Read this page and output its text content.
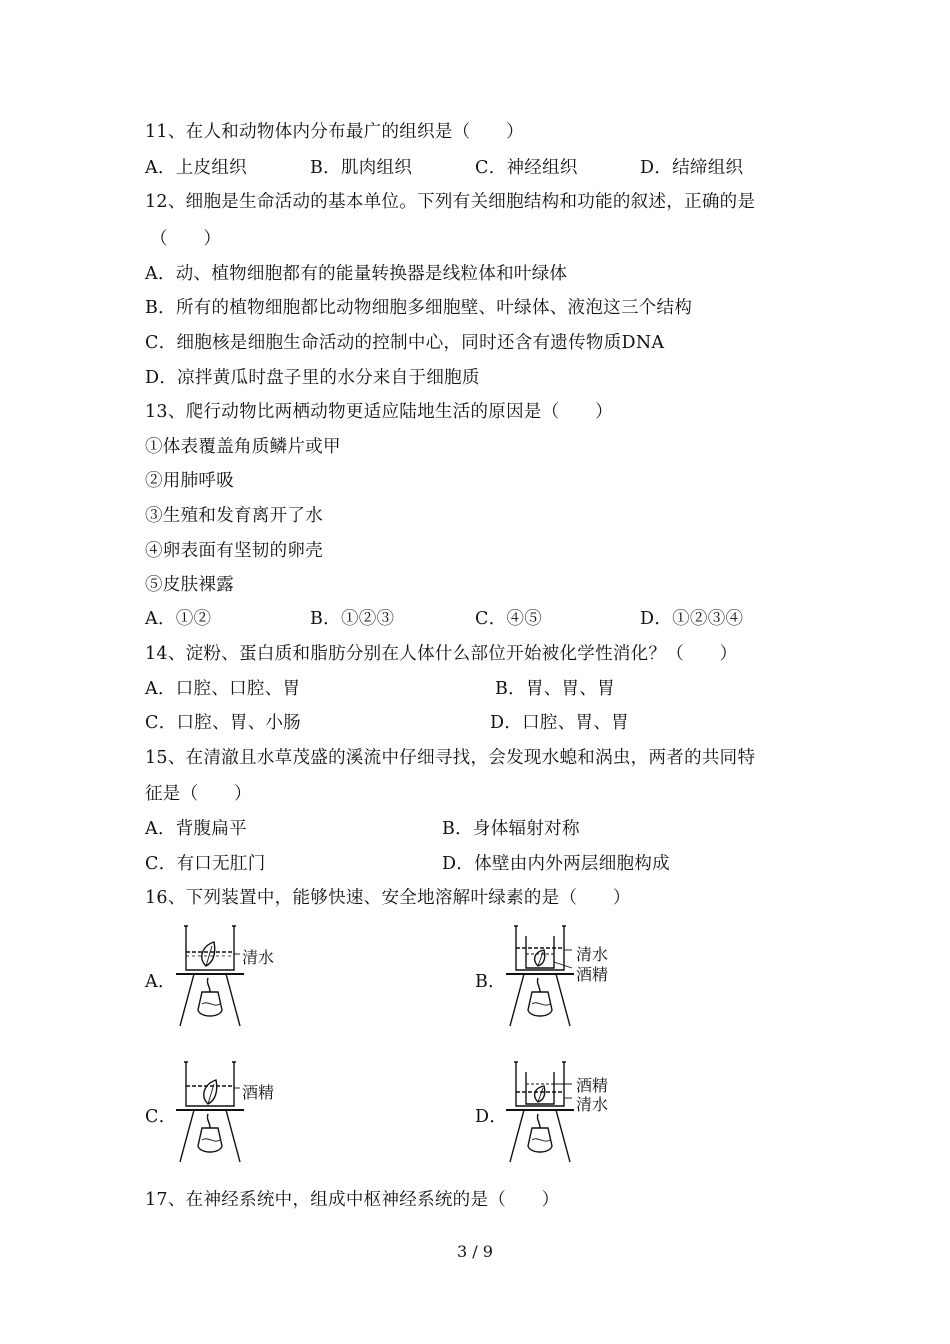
11、在人和动物体内分布最广的组织是（　　）
A．上皮组织	B．肌肉组织	C．神经组织	D．结缔组织
12、细胞是生命活动的基本单位。下列有关细胞结构和功能的叙述，正确的是
（　　）
A．动、植物细胞都有的能量转换器是线粒体和叶绿体
B．所有的植物细胞都比动物细胞多细胞壁、叶绿体、液泡这三个结构
C．细胞核是细胞生命活动的控制中心，同时还含有遗传物质DNA
D．凉拌黄瓜时盘子里的水分来自于细胞质
13、爬行动物比两栖动物更适应陆地生活的原因是（　　）
①体表覆盖角质鳞片或甲
②用肺呼吸
③生殖和发育离开了水
④卵表面有坚韧的卵壳
⑤皮肤裸露
A．①②	B．①②③	C．④⑤	D．①②③④
14、淀粉、蛋白质和脂肪分别在人体什么部位开始被化学性消化？（　　）
A．口腔、口腔、胃	B．胃、胃、胃
C．口腔、胃、小肠	D．口腔、胃、胃
15、在清澈且水草茂盛的溪流中仔细寻找，会发现水螅和涡虫，两者的共同特
征是（　　）
A．背腹扁平	B．身体辐射对称
C．有口无肛门	D．体壁由内外两层细胞构成
16、下列装置中，能够快速、安全地溶解叶绿素的是（　　）
A．	B．
C．	D．
清水	清水
酒精
酒精	酒精
清水
17、在神经系统中，组成中枢神经系统的是（　　）
3 / 9
